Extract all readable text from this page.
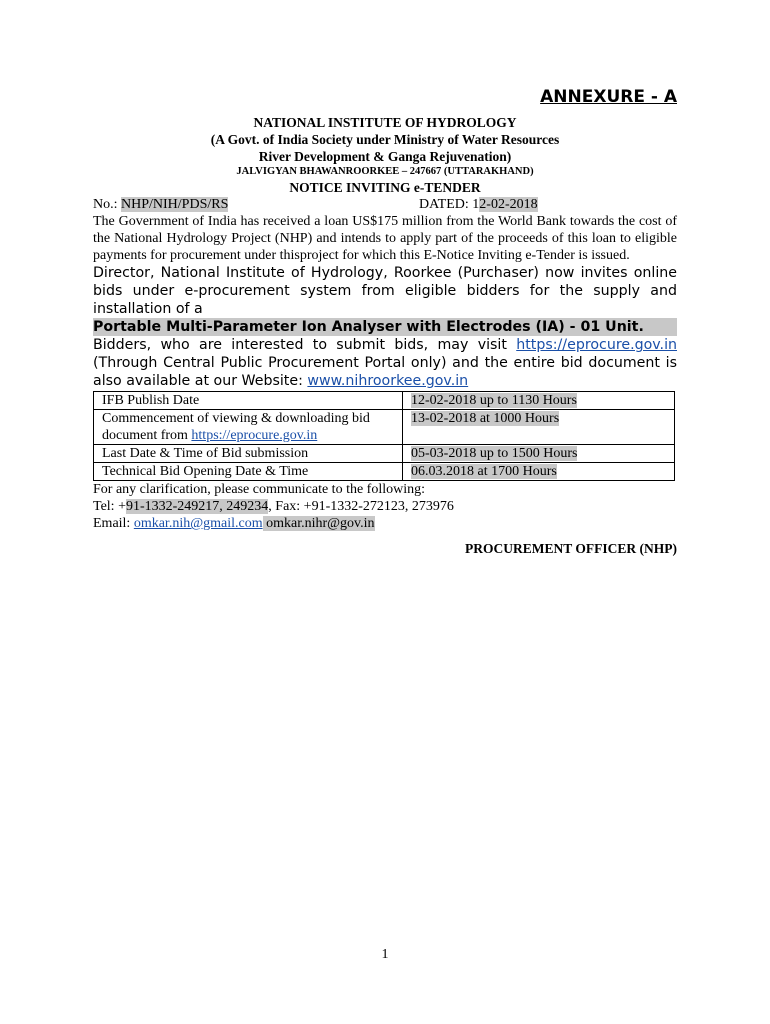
ANNEXURE - A

NATIONAL INSTITUTE OF HYDROLOGY

(A Govt. of India Society under Ministry of Water Resources

River Development & Ganga Rejuvenation)

JALVIGYAN BHAWANROORKEE – 247667 (UTTARAKHAND)

NOTICE INVITING e-TENDER

No.: NHP/NIH/PDS/RS	DATED: 12-02-2018

The Government of India has received a loan US$175 million from the World Bank towards the cost of the National Hydrology Project (NHP) and intends to apply part of the proceeds of this loan to eligible payments for procurement under thisproject for which this E-Notice Inviting e-Tender is issued.

Director, National Institute of Hydrology, Roorkee (Purchaser) now invites online bids under e-procurement system from eligible bidders for the supply and installation of a

Portable Multi-Parameter Ion Analyser with Electrodes (IA) - 01 Unit.

Bidders, who are interested to submit bids, may visit https://eprocure.gov.in (Through Central Public Procurement Portal only) and the entire bid document is also available at our Website: www.nihroorkee.gov.in

IFB Publish Date	12-02-2018 up to 1130 Hours
Commencement of viewing & downloading bid document from https://eprocure.gov.in	13-02-2018 at 1000 Hours
Last Date & Time of Bid submission	05-03-2018 up to 1500 Hours
Technical Bid Opening Date & Time	06.03.2018 at 1700 Hours

For any clarification, please communicate to the following:

Tel: +91-1332-249217, 249234, Fax: +91-1332-272123, 273976

Email: omkar.nih@gmail.com omkar.nihr@gov.in

PROCUREMENT OFFICER (NHP)

1
